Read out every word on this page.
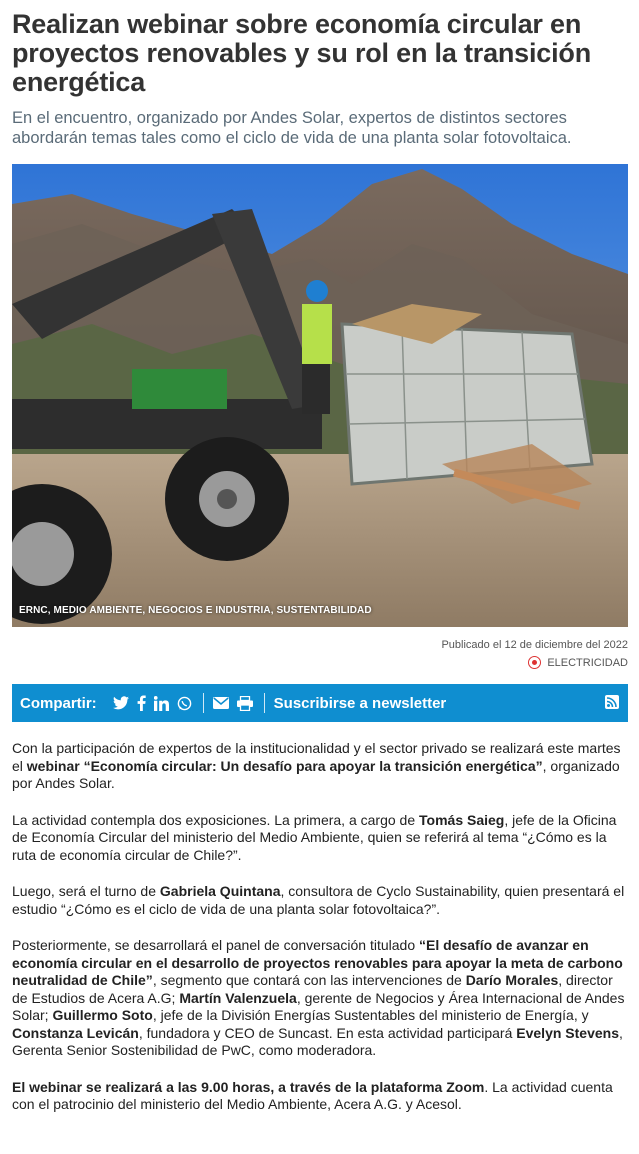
Realizan webinar sobre economía circular en proyectos renovables y su rol en la transición energética

En el encuentro, organizado por Andes Solar, expertos de distintos sectores abordarán temas tales como el ciclo de vida de una planta solar fotovoltaica.

ERNC, MEDIO AMBIENTE, NEGOCIOS E INDUSTRIA, SUSTENTABILIDAD
Publicado el 12 de diciembre del 2022
ELECTRICIDAD
Compartir:	Suscribirse a newsletter

Con la participación de expertos de la institucionalidad y el sector privado se realizará este martes el webinar “Economía circular: Un desafío para apoyar la transición energética”, organizado por Andes Solar.

La actividad contempla dos exposiciones. La primera, a cargo de Tomás Saieg, jefe de la Oficina de Economía Circular del ministerio del Medio Ambiente, quien se referirá al tema “¿Cómo es la ruta de economía circular de Chile?”.

Luego, será el turno de Gabriela Quintana, consultora de Cyclo Sustainability, quien presentará el estudio “¿Cómo es el ciclo de vida de una planta solar fotovoltaica?”.

Posteriormente, se desarrollará el panel de conversación titulado “El desafío de avanzar en economía circular en el desarrollo de proyectos renovables para apoyar la meta de carbono neutralidad de Chile”, segmento que contará con las intervenciones de Darío Morales, director de Estudios de Acera A.G; Martín Valenzuela, gerente de Negocios y Área Internacional de Andes Solar; Guillermo Soto, jefe de la División Energías Sustentables del ministerio de Energía, y Constanza Levicán, fundadora y CEO de Suncast. En esta actividad participará Evelyn Stevens, Gerenta Senior Sostenibilidad de PwC, como moderadora.

El webinar se realizará a las 9.00 horas, a través de la plataforma Zoom. La actividad cuenta con el patrocinio del ministerio del Medio Ambiente, Acera A.G. y Acesol.
